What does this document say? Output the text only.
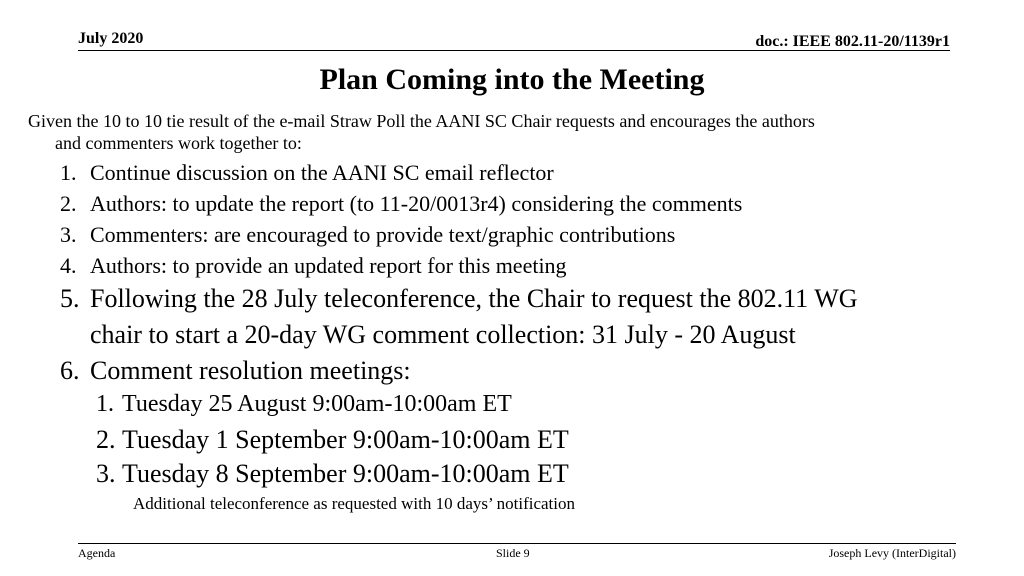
July 2020	doc.: IEEE 802.11-20/1139r1
Plan Coming into the Meeting
Given the 10 to 10 tie result of the e-mail Straw Poll the AANI SC Chair requests and encourages the authors
and commenters work together to:
1. Continue discussion on the AANI SC email reflector
2. Authors: to update the report (to 11-20/0013r4) considering the comments
3. Commenters: are encouraged to provide text/graphic contributions
4. Authors: to provide an updated report for this meeting
5. Following the 28 July teleconference, the Chair to request the 802.11 WG
chair to start a 20-day WG comment collection: 31 July - 20 August
6. Comment resolution meetings:
1. Tuesday 25 August 9:00am-10:00am ET
2. Tuesday 1 September 9:00am-10:00am ET
3. Tuesday 8 September 9:00am-10:00am ET
Additional teleconference as requested with 10 days’ notification
Agenda	Slide 9	Joseph Levy (InterDigital)
